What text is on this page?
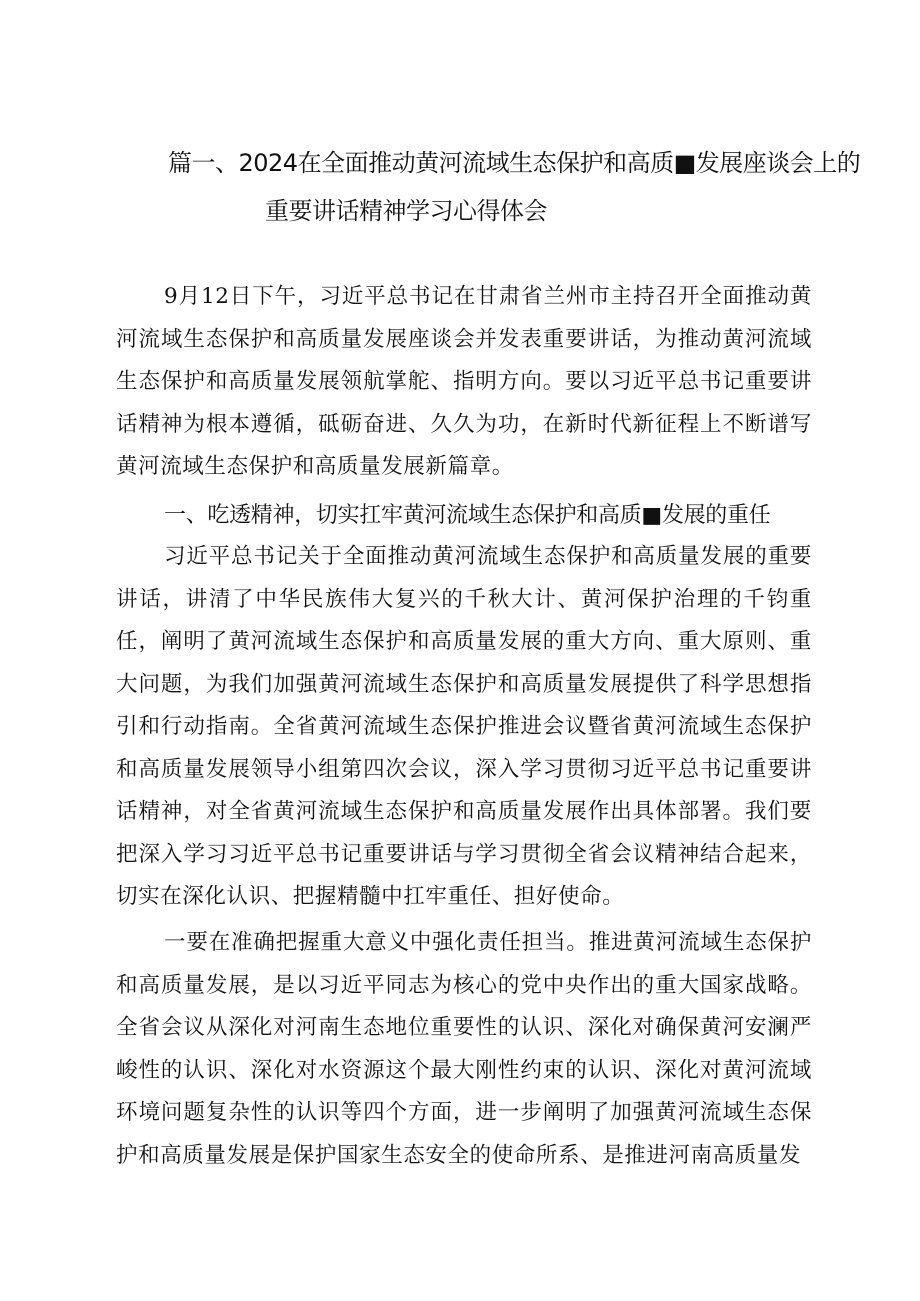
篇一、2024在全面推动黄河流域生态保护和高质■发展座谈会上的
重要讲话精神学习心得体会
9月12日下午，习近平总书记在甘肃省兰州市主持召开全面推动黄河流域生态保护和高质量发展座谈会并发表重要讲话，为推动黄河流域生态保护和高质量发展领航掌舵、指明方向。要以习近平总书记重要讲话精神为根本遵循，砥砺奋进、久久为功，在新时代新征程上不断谱写黄河流域生态保护和高质量发展新篇章。
一、吃透精神，切实扛牢黄河流域生态保护和高质■发展的重任
习近平总书记关于全面推动黄河流域生态保护和高质量发展的重要讲话，讲清了中华民族伟大复兴的千秋大计、黄河保护治理的千钧重任，阐明了黄河流域生态保护和高质量发展的重大方向、重大原则、重大问题，为我们加强黄河流域生态保护和高质量发展提供了科学思想指引和行动指南。全省黄河流域生态保护推进会议暨省黄河流域生态保护和高质量发展领导小组第四次会议，深入学习贯彻习近平总书记重要讲话精神，对全省黄河流域生态保护和高质量发展作出具体部署。我们要把深入学习习近平总书记重要讲话与学习贯彻全省会议精神结合起来，切实在深化认识、把握精髓中扛牢重任、担好使命。
一要在准确把握重大意义中强化责任担当。推进黄河流域生态保护和高质量发展，是以习近平同志为核心的党中央作出的重大国家战略。全省会议从深化对河南生态地位重要性的认识、深化对确保黄河安澜严峻性的认识、深化对水资源这个最大刚性约束的认识、深化对黄河流域环境问题复杂性的认识等四个方面，进一步阐明了加强黄河流域生态保护和高质量发展是保护国家生态安全的使命所系、是推进河南高质量发
